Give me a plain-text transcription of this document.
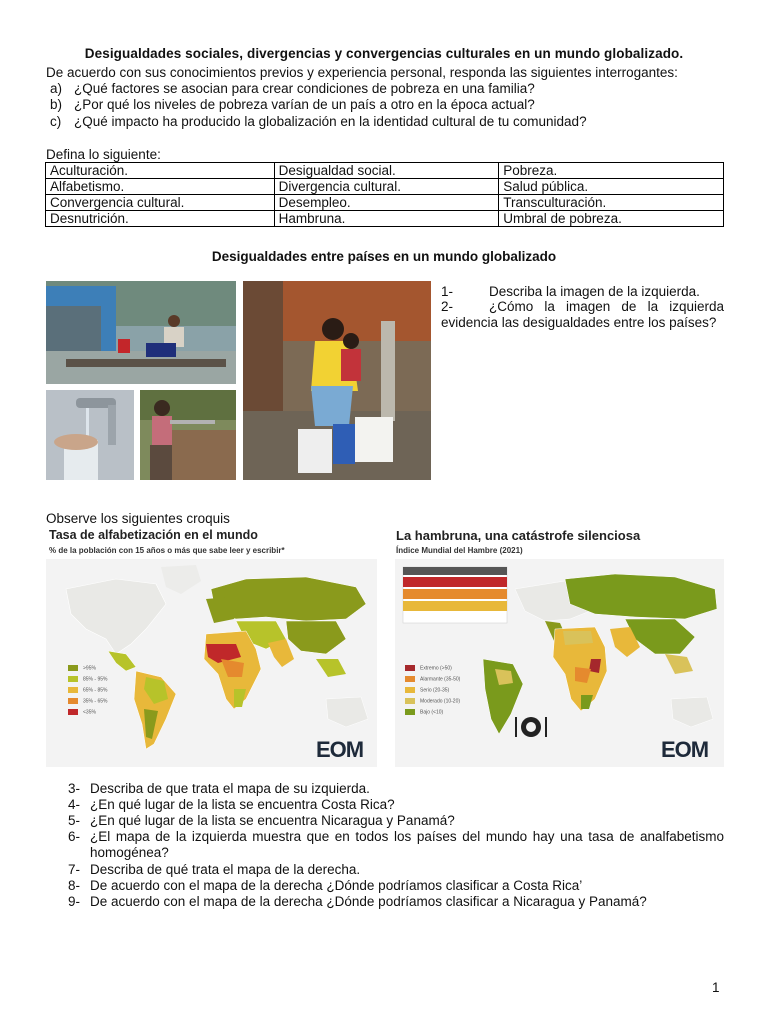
Desigualdades sociales, divergencias y convergencias culturales en un mundo globalizado.
De acuerdo con sus conocimientos previos y experiencia personal, responda las siguientes interrogantes:
a) ¿Qué factores se asocian para crear condiciones de pobreza en una familia?
b) ¿Por qué los niveles de pobreza varían de un país a otro en la época actual?
c) ¿Qué impacto ha producido la globalización en la identidad cultural de tu comunidad?
Defina lo siguiente:
Aculturación.	Desigualdad social.	Pobreza.
Alfabetismo.	Divergencia cultural.	Salud pública.
Convergencia cultural.	Desempleo.	Transculturación.
Desnutrición.	Hambruna.	Umbral de pobreza.
Desigualdades entre países en un mundo globalizado
1-	Describa la imagen de la izquierda.
2-	¿Cómo la imagen de la izquierda evidencia las desigualdades entre los países?
Observe los siguientes croquis
Tasa de alfabetización en el mundo
% de la población con 15 años o más que sabe leer y escribir*
>95%
85% - 95%
65% - 85%
35% - 65%
<35%
EOM
La hambruna, una catástrofe silenciosa
Índice Mundial del Hambre (2021)
Extremo (>50)
Alarmante (35-50)
Serio (20-35)
Moderado (10-20)
Bajo (<10)
EOM
3- Describa de que trata el mapa de su izquierda.
4- ¿En qué lugar de la lista se encuentra Costa Rica?
5- ¿En qué lugar de la lista se encuentra Nicaragua y Panamá?
6- ¿El mapa de la izquierda muestra que en todos los países del mundo hay una tasa de analfabetismo homogénea?
7- Describa de qué trata el mapa de la derecha.
8- De acuerdo con el mapa de la derecha ¿Dónde podríamos clasificar a Costa Rica’
9- De acuerdo con el mapa de la derecha ¿Dónde podríamos clasificar a Nicaragua y Panamá?
1
